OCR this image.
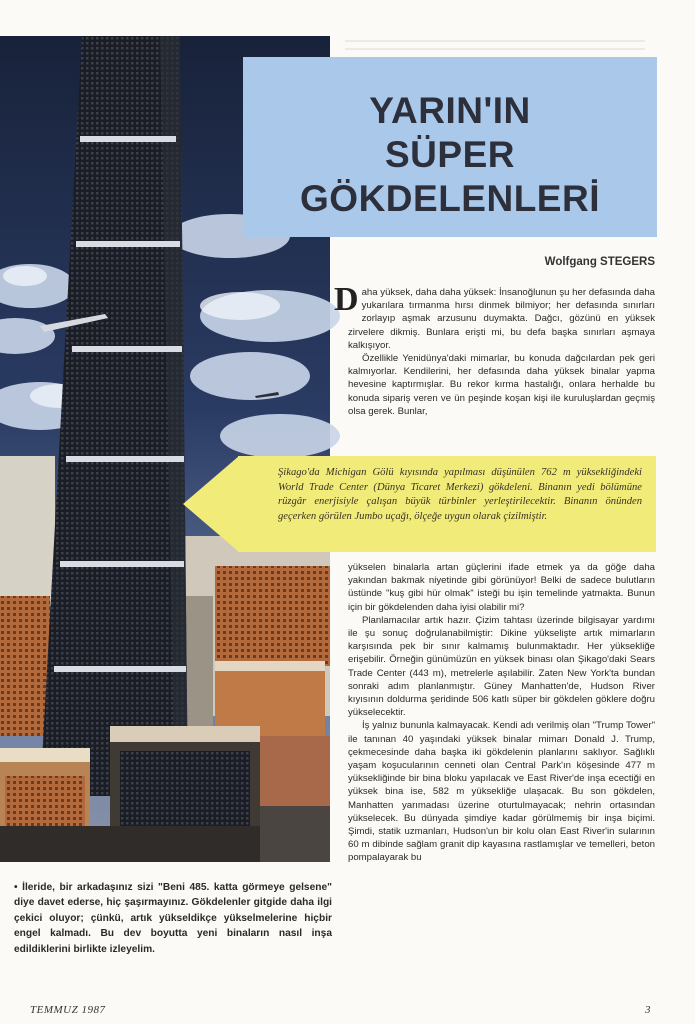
YARIN'IN
SÜPER
GÖKDELENLERİ
Wolfgang STEGERS

Daha yüksek, daha daha yüksek: İnsanoğlunun şu her defasında daha yukarılara tırmanma hırsı dinmek bilmiyor; her defasında sınırları zorlayıp aşmak arzusunu duymakta. Dağcı, gözünü en yüksek zirvelere dikmiş. Bunlara erişti mi, bu defa başka sınırları aşmaya kalkışıyor.

Özellikle Yenidünya'daki mimarlar, bu konuda dağcılardan pek geri kalmıyorlar. Kendilerini, her defasında daha yüksek binalar yapma hevesine kaptırmışlar. Bu rekor kırma hastalığı, onlara herhalde bu konuda sipariş veren ve ün peşinde koşan kişi ile kuruluşlardan geçmiş olsa gerek. Bunlar,

Şikago'da Michigan Gölü kıyısında yapılması düşünülen 762 m yüksekliğindeki World Trade Center (Dünya Ticaret Merkezi) gökdeleni. Binanın yedi bölümüne rüzgâr enerjisiyle çalışan büyük türbinler yerleştirilecektir. Binanın önünden geçerken görülen Jumbo uçağı, ölçeğe uygun olarak çizilmiştir.

yükselen binalarla artan güçlerini ifade etmek ya da göğe daha yakından bakmak niyetinde gibi görünüyor! Belki de sadece bulutların üstünde "kuş gibi hür olmak" isteği bu işin temelinde yatmakta. Bunun için bir gökdelenden daha iyisi olabilir mi?

Planlamacılar artık hazır. Çizim tahtası üzerinde bilgisayar yardımı ile şu sonuç doğrulanabilmiştir: Dikine yükselişte artık mimarların karşısında pek bir sınır kalmamış bulunmaktadır. Her yüksekliğe erişebilir. Örneğin günümüzün en yüksek binası olan Şikago'daki Sears Trade Center (443 m), metrelerle aşılabilir. Zaten New York'ta bundan sonraki adım planlanmıştır. Güney Manhatten'de, Hudson River kıyısının doldurma şeridinde 506 katlı süper bir gökdelen göklere doğru yükselecektir.

İş yalnız bununla kalmayacak. Kendi adı verilmiş olan "Trump Tower" ile tanınan 40 yaşındaki yüksek binalar mimarı Donald J. Trump, çekmecesinde daha başka iki gökdelenin planlarını saklıyor. Sağlıklı yaşam koşucularının cenneti olan Central Park'ın köşesinde 477 m yüksekliğinde bir bina bloku yapılacak ve East River'de inşa ecectiği en yüksek bina ise, 582 m yüksekliğe ulaşacak. Bu son gökdelen, Manhatten yarımadası üzerine oturtulmayacak; nehrin ortasından yükselecek. Bu dünyada şimdiye kadar görülmemiş bir inşa biçimi. Şimdi, statik uzmanları, Hudson'un bir kolu olan East River'in sularının 60 m dibinde sağlam granit dip kayasına rastlamışlar ve temelleri, beton pompalayarak bu

• İleride, bir arkadaşınız sizi "Beni 485. katta görmeye gelsene" diye davet ederse, hiç şaşırmayınız. Gökdelenler gitgide daha ilgi çekici oluyor; çünkü, artık yükseldikçe yükselmelerine hiçbir engel kalmadı. Bu dev boyutta yeni binaların nasıl inşa edildiklerini birlikte izleyelim.
TEMMUZ 1987	3
